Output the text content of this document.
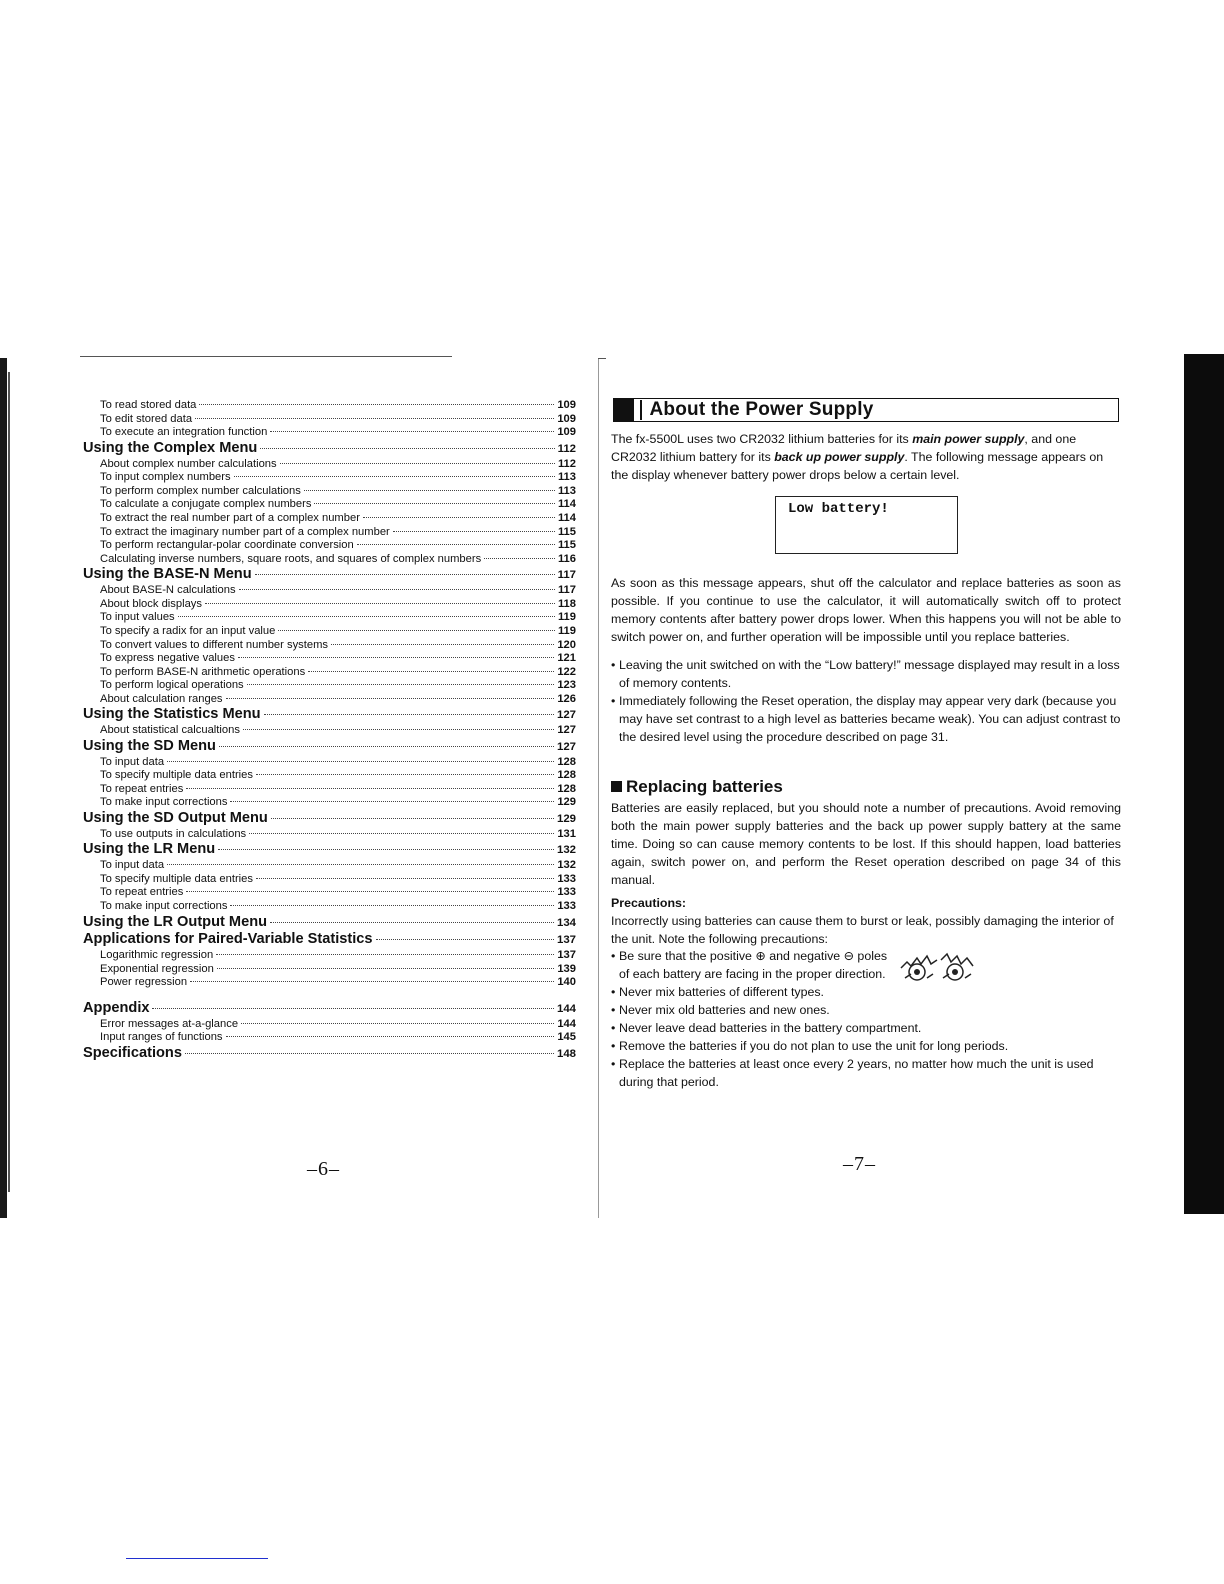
To read stored data	109
To edit stored data	109
To execute an integration function	109
Using the Complex Menu	112
About complex number calculations	112
To input complex numbers	113
To perform complex number calculations	113
To calculate a conjugate complex numbers	114
To extract the real number part of a complex number	114
To extract the imaginary number part of a complex number	115
To perform rectangular-polar coordinate conversion	115
Calculating inverse numbers, square roots, and squares of complex numbers	116
Using the BASE-N Menu	117
About BASE-N calculations	117
About block displays	118
To input values	119
To specify a radix for an input value	119
To convert values to different number systems	120
To express negative values	121
To perform BASE-N arithmetic operations	122
To perform logical operations	123
About calculation ranges	126
Using the Statistics Menu	127
About statistical calcualtions	127
Using the SD Menu	127
To input data	128
To specify multiple data entries	128
To repeat entries	128
To make input corrections	129
Using the SD Output Menu	129
To use outputs in calculations	131
Using the LR Menu	132
To input data	132
To specify multiple data entries	133
To repeat entries	133
To make input corrections	133
Using the LR Output Menu	134
Applications for Paired-Variable Statistics	137
Logarithmic regression	137
Exponential regression	139
Power regression	140
Appendix	144
Error messages at-a-glance	144
Input ranges of functions	145
Specifications	148
–6–
About the Power Supply
The fx-5500L uses two CR2032 lithium batteries for its main power supply, and one CR2032 lithium battery for its back up power supply. The following message appears on the display whenever battery power drops below a certain level.
Low battery!
As soon as this message appears, shut off the calculator and replace batteries as soon as possible. If you continue to use the calculator, it will automatically switch off to protect memory contents after battery power drops lower. When this happens you will not be able to switch power on, and further operation will be impossible until you replace batteries.
• Leaving the unit switched on with the “Low battery!” message displayed may result in a loss of memory contents.
• Immediately following the Reset operation, the display may appear very dark (because you may have set contrast to a high level as batteries became weak). You can adjust contrast to the desired level using the procedure described on page 31.
Replacing batteries
Batteries are easily replaced, but you should note a number of precautions. Avoid removing both the main power supply batteries and the back up power supply battery at the same time. Doing so can cause memory contents to be lost. If this should happen, load batteries again, switch power on, and perform the Reset operation described on page 34 of this manual.
Precautions:
Incorrectly using batteries can cause them to burst or leak, possibly damaging the interior of the unit. Note the following precautions:
• Be sure that the positive ⊕ and negative ⊖ poles of each battery are facing in the proper direction.
• Never mix batteries of different types.
• Never mix old batteries and new ones.
• Never leave dead batteries in the battery compartment.
• Remove the batteries if you do not plan to use the unit for long periods.
• Replace the batteries at least once every 2 years, no matter how much the unit is used during that period.
–7–
